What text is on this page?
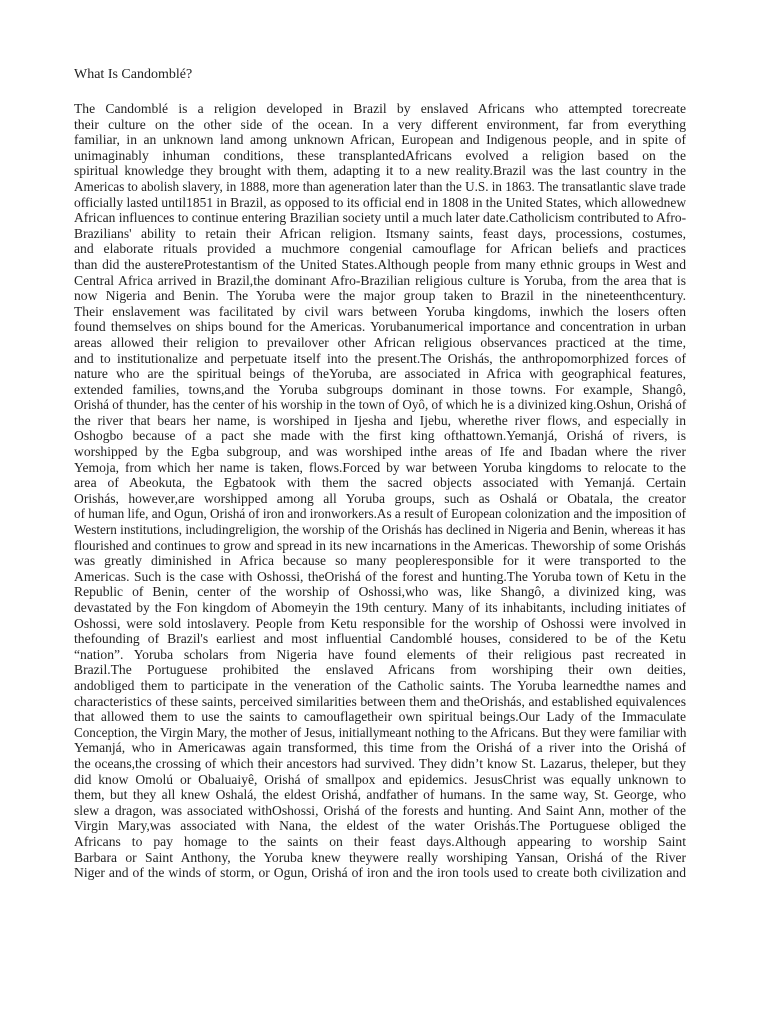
What Is Candomblé?
The Candomblé is a religion developed in Brazil by enslaved Africans who attempted torecreate
their culture on the other side of the ocean. In a very different environment, far from everything
familiar, in an unknown land among unknown African, European and Indigenous people, and in spite of
unimaginably inhuman conditions, these transplantedAfricans evolved a religion based on the
spiritual knowledge they brought with them, adapting it to a new reality.Brazil was the last country in the
Americas to abolish slavery, in 1888, more than ageneration later than the U.S. in 1863. The transatlantic slave tradeofficially lasted until1851 in Brazil, as opposed to its official end in 1808 in the United States, which allowednewAfrican influences to continue entering Brazilian society until a much later date.Catholicism contributed to Afro-
Brazilians' ability to retain their African religion. Itsmany saints, feast days, processions, costumes,
and elaborate rituals provided a muchmore congenial camouflage for African beliefs and practices
than did the austereProtestantism of the United States.Although people from many ethnic groups in West and
Central Africa arrived in Brazil,the dominant Afro-Brazilian religious culture is Yoruba, from the area that is
now Nigeria and Benin. The Yoruba were the major group taken to Brazil in the nineteenthcentury.
Their enslavement was facilitated by civil wars between Yoruba kingdoms, inwhich the losers often
found themselves on ships bound for the Americas. Yorubanumerical importance and concentration in urban
areas allowed their religion to prevailover other African religious observances practiced at the time,
and to institutionalize and perpetuate itself into the present.The Orishás, the anthropomorphized forces of
nature who are the spiritual beings of theYoruba, are associated in Africa with geographical features,
extended families, towns,and the Yoruba subgroups dominant in those towns. For example, Shangô,
Orishá of thunder, has the center of his worship in the town of Oyô, of which he is a divinized king.Oshun, Orishá of
the river that bears her name, is worshiped in Ijesha and Ijebu, wherethe river flows, and especially in
Oshogbo because of a pact she made with the first king ofthattown.Yemanjá, Orishá of rivers, is
worshipped by the Egba subgroup, and was worshiped inthe areas of Ife and Ibadan where the river
Yemoja, from which her name is taken, flows.Forced by war between Yoruba kingdoms to relocate to the
area of Abeokuta, the Egbatook with them the sacred objects associated with Yemanjá. Certain
Orishás, however,are worshipped among all Yoruba groups, such as Oshalá or Obatala, the creator
of human life, and Ogun, Orishá of iron and ironworkers.As a result of European colonization and the imposition ofWestern institutions, includingreligion, the worship of the Orishás has declined in Nigeria and Benin, whereas it hasflourished and continues to grow and spread in its new incarnations in the Americas. Theworship of some Orishás
was greatly diminished in Africa because so many peopleresponsible for it were transported to the
Americas. Such is the case with Oshossi, theOrishá of the forest and hunting.The Yoruba town of Ketu in the
Republic of Benin, center of the worship of Oshossi,who was, like Shangô, a divinized king, was
devastated by the Fon kingdom of Abomeyin the 19th century. Many of its inhabitants, including initiates of
Oshossi, were sold intoslavery. People from Ketu responsible for the worship of Oshossi were involved in
thefounding of Brazil's earliest and most influential Candomblé houses, considered to be of the Ketu
“nation”. Yoruba scholars from Nigeria have found elements of their religious past recreated in
Brazil.The Portuguese prohibited the enslaved Africans from worshiping their own deities,
andobliged them to participate in the veneration of the Catholic saints. The Yoruba learnedthe names and
characteristics of these saints, perceived similarities between them and theOrishás, and established equivalences
that allowed them to use the saints to camouflagetheir own spiritual beings.Our Lady of the Immaculate
Conception, the Virgin Mary, the mother of Jesus, initiallymeant nothing to the Africans. But they were familiar with
Yemanjá, who in Americawas again transformed, this time from the Orishá of a river into the Orishá of
the oceans,the crossing of which their ancestors had survived. They didn’t know St. Lazarus, theleper, but they
did know Omolú or Obaluaiyê, Orishá of smallpox and epidemics. JesusChrist was equally unknown to
them, but they all knew Oshalá, the eldest Orishá, andfather of humans. In the same way, St. George, who
slew a dragon, was associated withOshossi, Orishá of the forests and hunting. And Saint Ann, mother of the
Virgin Mary,was associated with Nana, the eldest of the water Orishás.The Portuguese obliged the
Africans to pay homage to the saints on their feast days.Although appearing to worship Saint
Barbara or Saint Anthony, the Yoruba knew theywere really worshiping Yansan, Orishá of the River
Niger and of the winds of storm, or Ogun, Orishá of iron and the iron tools used to create both civilization and
